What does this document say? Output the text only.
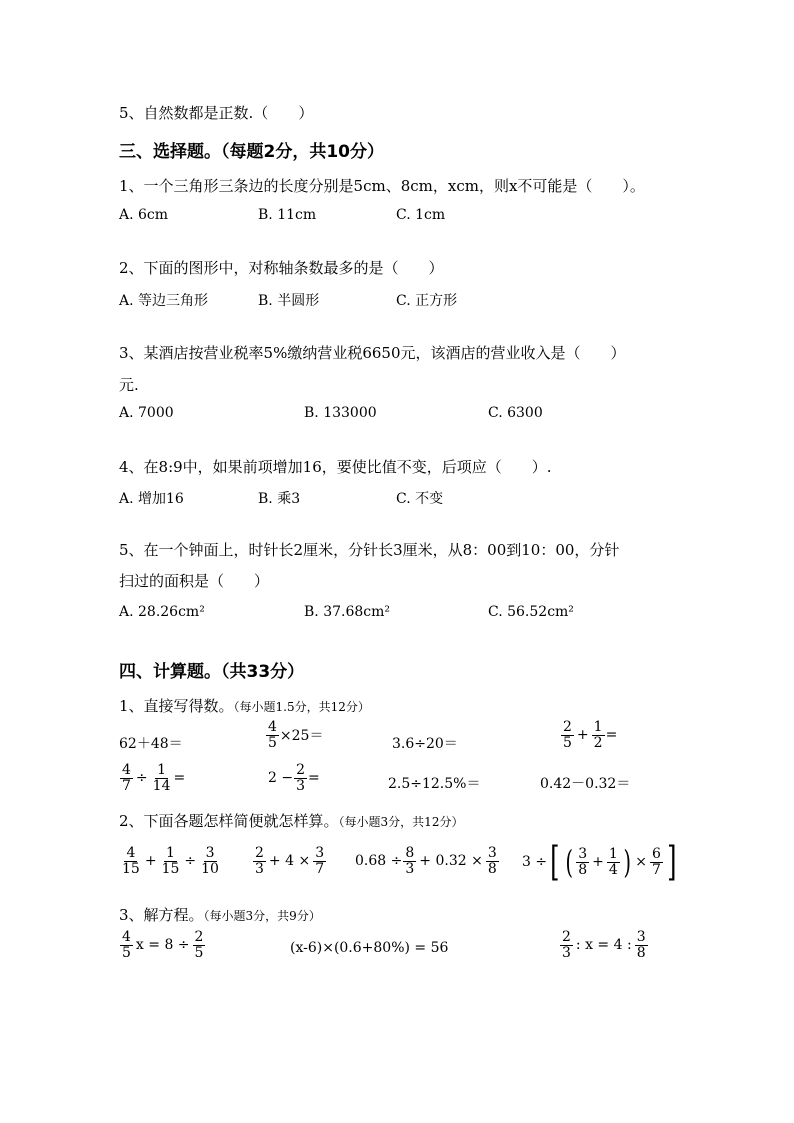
5、自然数都是正数.（　　）
三、选择题。（每题2分，共10分）
1、一个三角形三条边的长度分别是5cm、8cm，xcm，则x不可能是（　　）。
A. 6cm	B. 11cm	C. 1cm
2、下面的图形中，对称轴条数最多的是（　　）
A. 等边三角形	B. 半圆形	C. 正方形
3、某酒店按营业税率5%缴纳营业税6650元，该酒店的营业收入是（　　）
元.
A. 7000	B. 133000	C. 6300
4、在8:9中，如果前项增加16，要使比值不变，后项应（　　）.
A. 增加16	B. 乘3	C. 不变
5、在一个钟面上，时针长2厘米，分针长3厘米，从8：00到10：00，分针
扫过的面积是（　　）
A. 28.26cm²	B. 37.68cm²	C. 56.52cm²
四、计算题。（共33分）
1、直接写得数。（每小题1.5分，共12分）
62＋48＝	$\frac{4}{5} \times 25=$	3.6÷20＝	$\frac{2}{5} + \frac{1}{2}$ =
$\frac{4}{7} \div \frac{1}{14}$ =	$2 - \frac{2}{3}$ =	2.5÷12.5%＝	0.42－0.32＝
2、下面各题怎样简便就怎样算。（每小题3分，共12分）
$\frac{4}{15} + \frac{1}{15} \div \frac{3}{10} \frac{2}{3} + 4 \times \frac{3}{7} 0.68 \div \frac{8}{3} + 0.32 \times \frac{3}{8} 3$ ÷ [ ( $\frac{3}{8} + \frac{1}{4}$ ) × $\frac{6}{7}$ ]
3、解方程。（每小题3分，共9分）
$\frac{4}{5}$ $x = 8 \div \frac{2}{5}$	(x-6)×(0.6+80%) = 56	$\frac{2}{3}$ : x = 4 : $\frac{3}{8}$
